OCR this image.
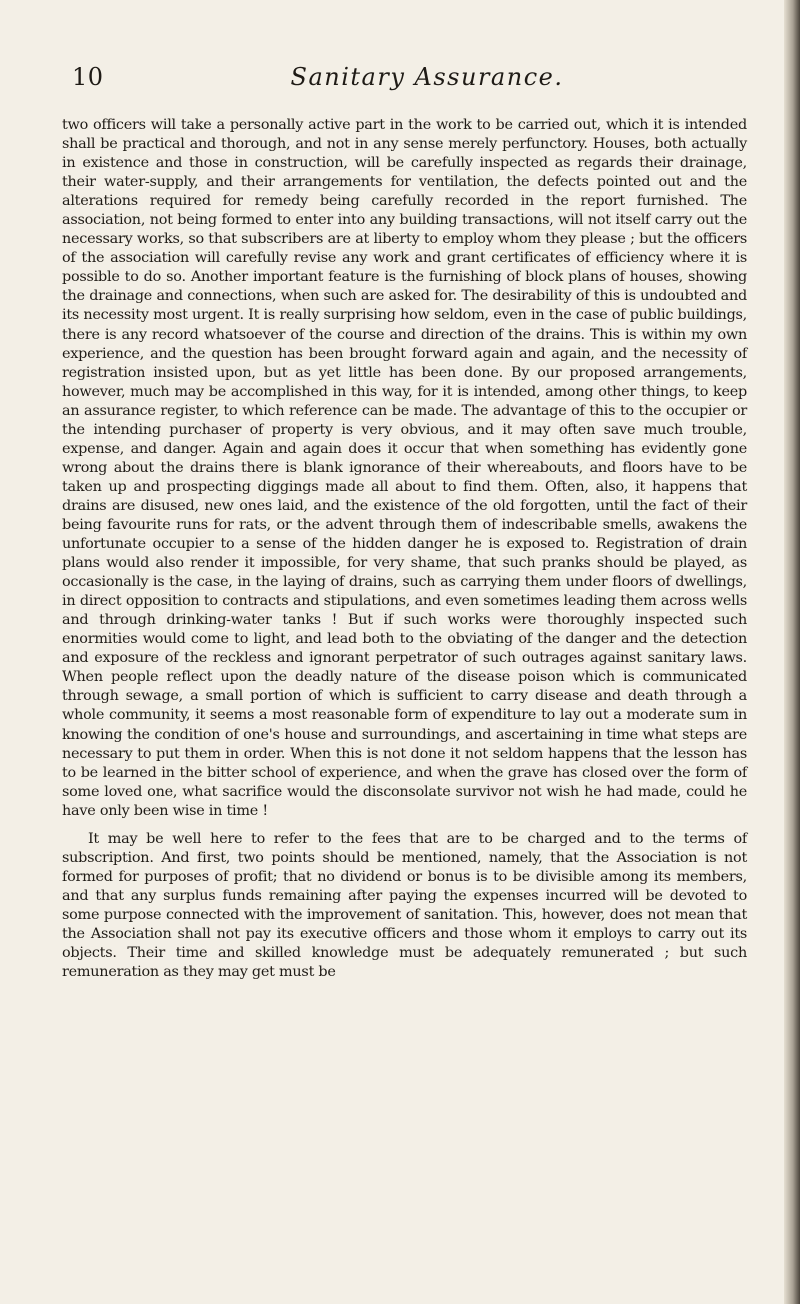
10	Sanitary Assurance.

two officers will take a personally active part in the work to be carried out, which it is intended shall be practical and thorough, and not in any sense merely perfunctory. Houses, both actually in existence and those in construction, will be carefully inspected as regards their drainage, their water-supply, and their arrangements for ventilation, the defects pointed out and the alterations required for remedy being carefully recorded in the report furnished. The association, not being formed to enter into any building transactions, will not itself carry out the necessary works, so that subscribers are at liberty to employ whom they please ; but the officers of the association will carefully revise any work and grant certificates of efficiency where it is possible to do so. Another important feature is the furnishing of block plans of houses, showing the drainage and connections, when such are asked for. The desirability of this is undoubted and its necessity most urgent. It is really surprising how seldom, even in the case of public buildings, there is any record whatsoever of the course and direction of the drains. This is within my own experience, and the question has been brought forward again and again, and the necessity of registration insisted upon, but as yet little has been done. By our proposed arrangements, however, much may be accomplished in this way, for it is intended, among other things, to keep an assurance register, to which reference can be made. The advantage of this to the occupier or the intending purchaser of property is very obvious, and it may often save much trouble, expense, and danger. Again and again does it occur that when something has evidently gone wrong about the drains there is blank ignorance of their whereabouts, and floors have to be taken up and prospecting diggings made all about to find them. Often, also, it happens that drains are disused, new ones laid, and the existence of the old forgotten, until the fact of their being favourite runs for rats, or the advent through them of indescribable smells, awakens the unfortunate occupier to a sense of the hidden danger he is exposed to. Registration of drain plans would also render it impossible, for very shame, that such pranks should be played, as occasionally is the case, in the laying of drains, such as carrying them under floors of dwellings, in direct opposition to contracts and stipulations, and even sometimes leading them across wells and through drinking-water tanks ! But if such works were thoroughly inspected such enormities would come to light, and lead both to the obviating of the danger and the detection and exposure of the reckless and ignorant perpetrator of such outrages against sanitary laws. When people reflect upon the deadly nature of the disease poison which is communicated through sewage, a small portion of which is sufficient to carry disease and death through a whole community, it seems a most reasonable form of expenditure to lay out a moderate sum in knowing the condition of one's house and surroundings, and ascertaining in time what steps are necessary to put them in order. When this is not done it not seldom happens that the lesson has to be learned in the bitter school of experience, and when the grave has closed over the form of some loved one, what sacrifice would the disconsolate survivor not wish he had made, could he have only been wise in time !

It may be well here to refer to the fees that are to be charged and to the terms of subscription. And first, two points should be mentioned, namely, that the Association is not formed for purposes of profit; that no dividend or bonus is to be divisible among its members, and that any surplus funds remaining after paying the expenses incurred will be devoted to some purpose connected with the improvement of sanitation. This, however, does not mean that the Association shall not pay its executive officers and those whom it employs to carry out its objects. Their time and skilled knowledge must be adequately remunerated ; but such remuneration as they may get must be
